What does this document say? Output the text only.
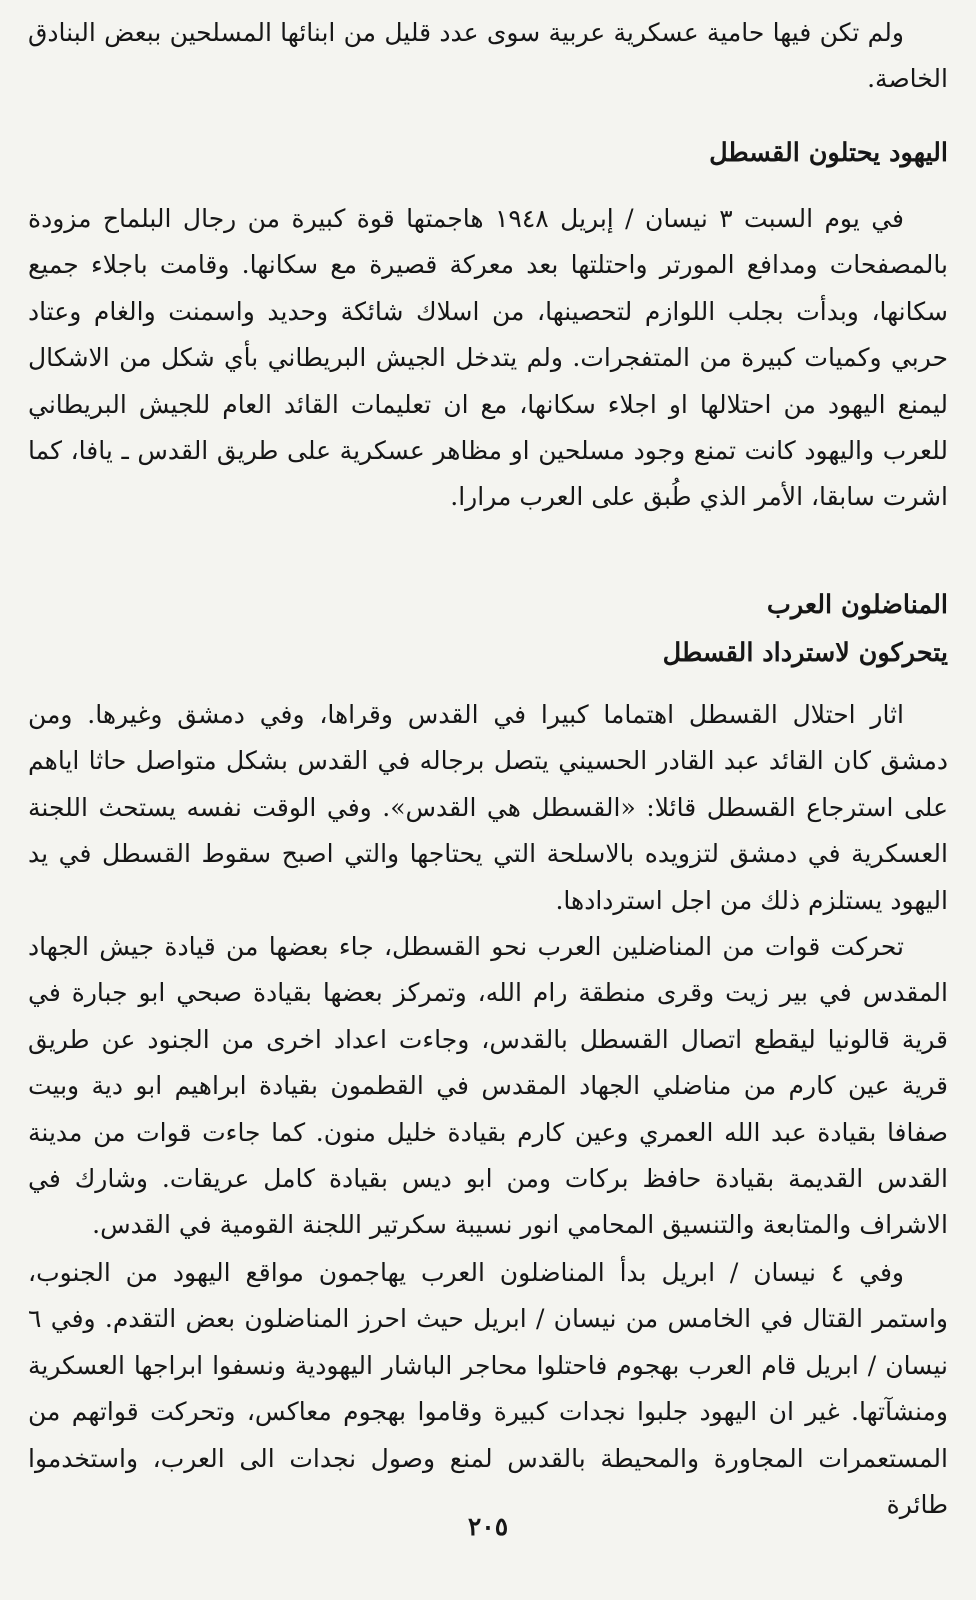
ولم تكن فيها حامية عسكرية عربية سوى عدد قليل من ابنائها المسلحين ببعض البنادق الخاصة.

اليهود يحتلون القسطل

في يوم السبت ٣ نيسان / إبريل ١٩٤٨ هاجمتها قوة كبيرة من رجال البلماح مزودة بالمصفحات ومدافع المورتر واحتلتها بعد معركة قصيرة مع سكانها. وقامت باجلاء جميع سكانها، وبدأت بجلب اللوازم لتحصينها، من اسلاك شائكة وحديد واسمنت والغام وعتاد حربي وكميات كبيرة من المتفجرات. ولم يتدخل الجيش البريطاني بأي شكل من الاشكال ليمنع اليهود من احتلالها او اجلاء سكانها، مع ان تعليمات القائد العام للجيش البريطاني للعرب واليهود كانت تمنع وجود مسلحين او مظاهر عسكرية على طريق القدس ـ يافا، كما اشرت سابقا، الأمر الذي طُبق على العرب مرارا.

المناضلون العرب
يتحركون لاسترداد القسطل

اثار احتلال القسطل اهتماما كبيرا في القدس وقراها، وفي دمشق وغيرها. ومن دمشق كان القائد عبد القادر الحسيني يتصل برجاله في القدس بشكل متواصل حاثا اياهم على استرجاع القسطل قائلا: «القسطل هي القدس». وفي الوقت نفسه يستحث اللجنة العسكرية في دمشق لتزويده بالاسلحة التي يحتاجها والتي اصبح سقوط القسطل في يد اليهود يستلزم ذلك من اجل استردادها.

تحركت قوات من المناضلين العرب نحو القسطل، جاء بعضها من قيادة جيش الجهاد المقدس في بير زيت وقرى منطقة رام الله، وتمركز بعضها بقيادة صبحي ابو جبارة في قرية قالونيا ليقطع اتصال القسطل بالقدس، وجاءت اعداد اخرى من الجنود عن طريق قرية عين كارم من مناضلي الجهاد المقدس في القطمون بقيادة ابراهيم ابو دية وبيت صفافا بقيادة عبد الله العمري وعين كارم بقيادة خليل منون. كما جاءت قوات من مدينة القدس القديمة بقيادة حافظ بركات ومن ابو ديس بقيادة كامل عريقات. وشارك في الاشراف والمتابعة والتنسيق المحامي انور نسيبة سكرتير اللجنة القومية في القدس.

وفي ٤ نيسان / ابريل بدأ المناضلون العرب يهاجمون مواقع اليهود من الجنوب، واستمر القتال في الخامس من نيسان / ابريل حيث احرز المناضلون بعض التقدم. وفي ٦ نيسان / ابريل قام العرب بهجوم فاحتلوا محاجر الباشار اليهودية ونسفوا ابراجها العسكرية ومنشآتها. غير ان اليهود جلبوا نجدات كبيرة وقاموا بهجوم معاكس، وتحركت قواتهم من المستعمرات المجاورة والمحيطة بالقدس لمنع وصول نجدات الى العرب، واستخدموا طائرة

٢٠٥
